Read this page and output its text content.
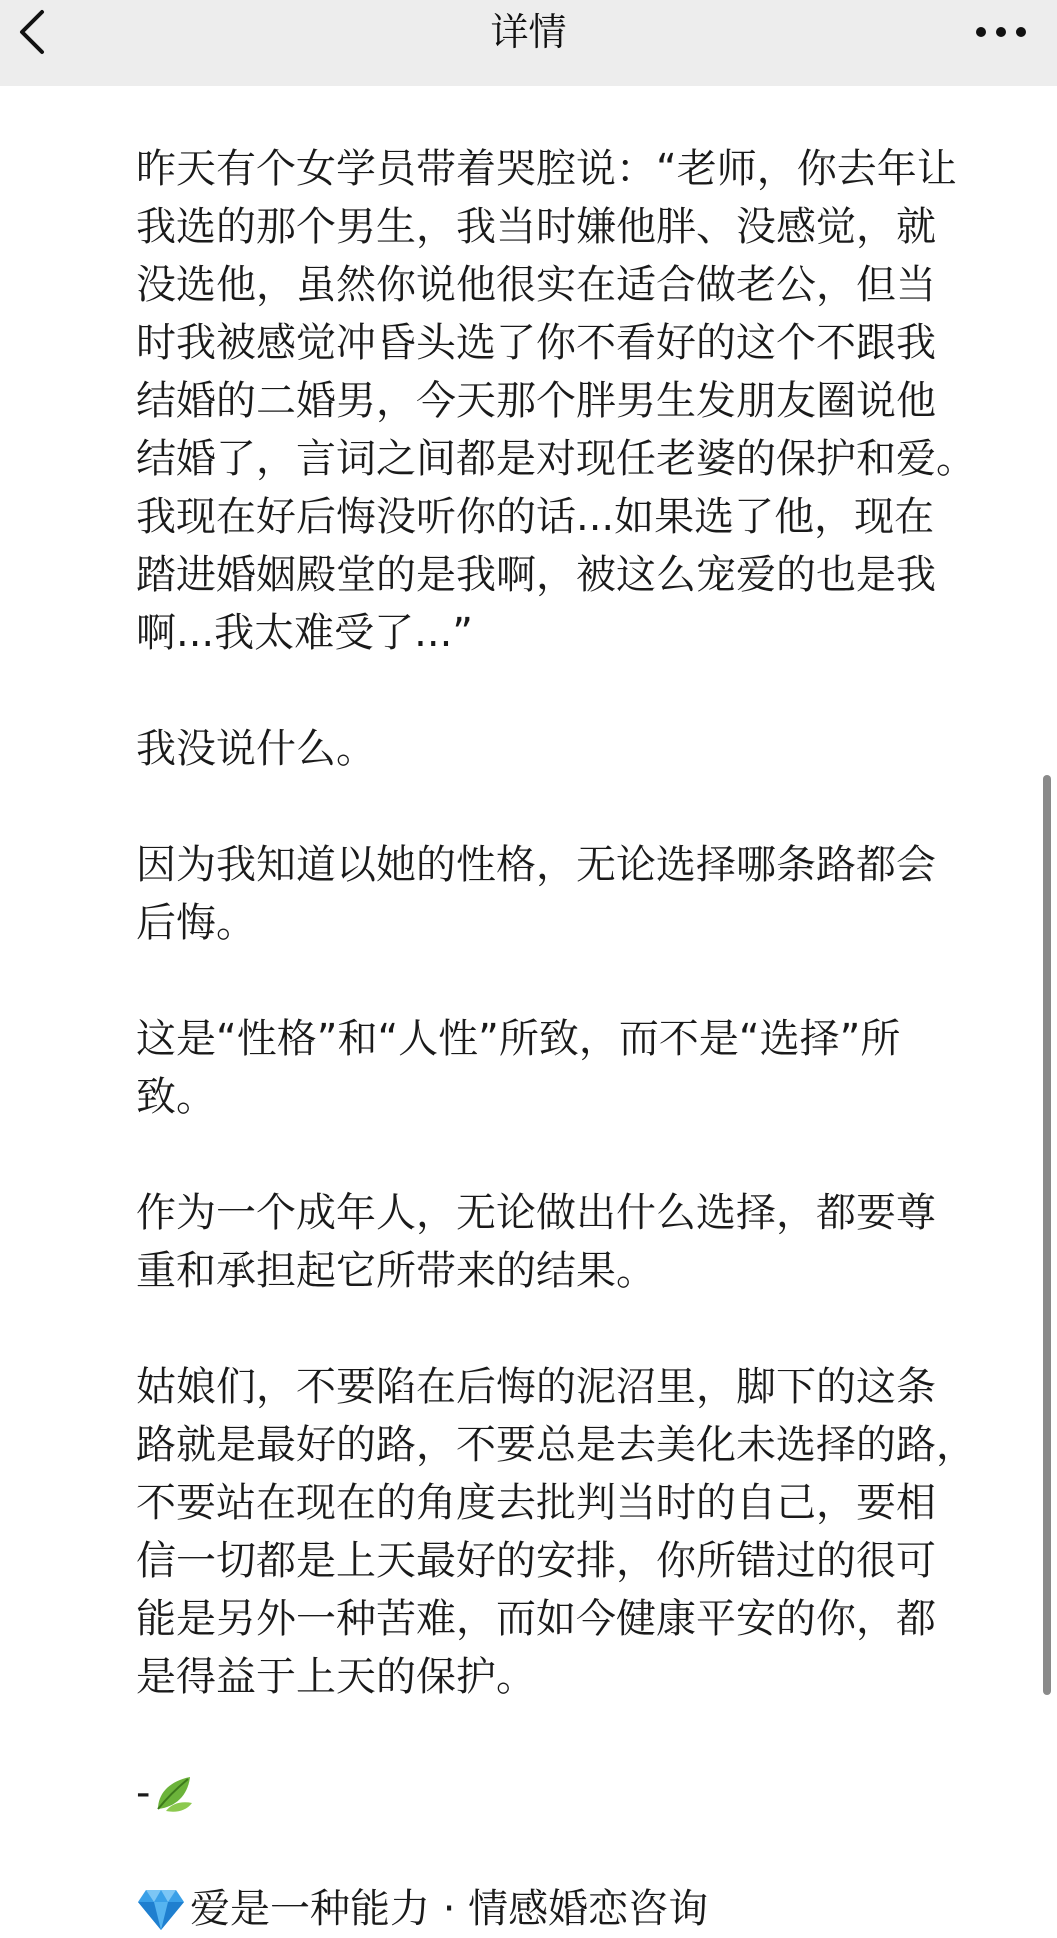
详情

昨天有个女学员带着哭腔说：“老师，你去年让
我选的那个男生，我当时嫌他胖、没感觉，就
没选他，虽然你说他很实在适合做老公，但当
时我被感觉冲昏头选了你不看好的这个不跟我
结婚的二婚男，今天那个胖男生发朋友圈说他
结婚了，言词之间都是对现任老婆的保护和爱。
我现在好后悔没听你的话...如果选了他，现在
踏进婚姻殿堂的是我啊，被这么宠爱的也是我
啊...我太难受了...”

我没说什么。

因为我知道以她的性格，无论选择哪条路都会
后悔。

这是“性格”和“人性”所致，而不是“选择”所
致。

作为一个成年人，无论做出什么选择，都要尊
重和承担起它所带来的结果。

姑娘们，不要陷在后悔的泥沼里，脚下的这条
路就是最好的路，不要总是去美化未选择的路，
不要站在现在的角度去批判当时的自己，要相
信一切都是上天最好的安排，你所错过的很可
能是另外一种苦难，而如今健康平安的你，都
是得益于上天的保护。

-
爱是一种能力 · 情感婚恋咨询
